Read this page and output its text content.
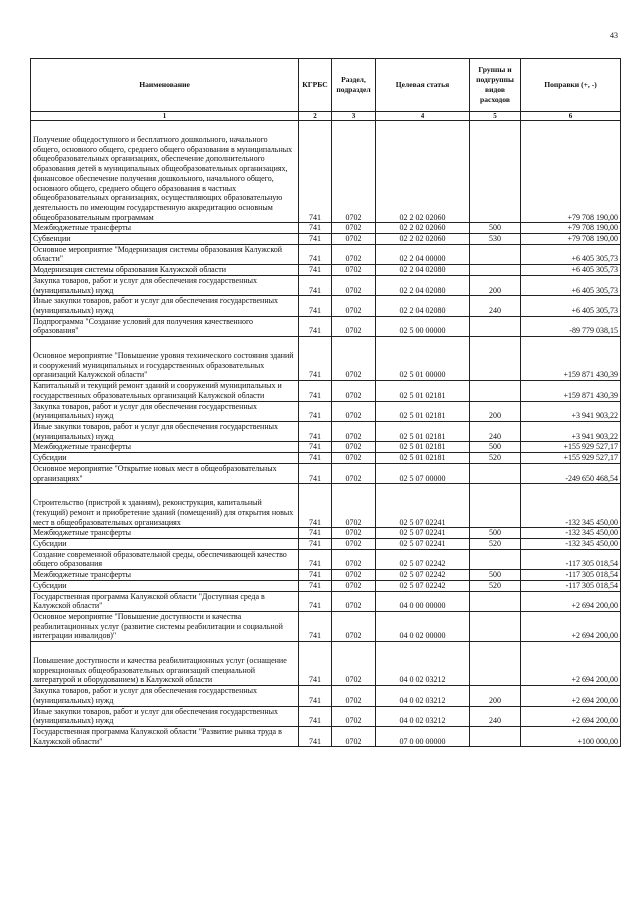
43
Наименование	КГРБС	Раздел, подраздел	Целевая статья	Группы и подгруппы видов расходов	Поправки (+, -)
1	2	3	4	5	6
Получение общедоступного и бесплатного дошкольного, начального общего, основного общего, среднего общего образования в муниципальных общеобразовательных организациях, обеспечение дополнительного образования детей в муниципальных общеобразовательных организациях, финансовое обеспечение получения дошкольного, начального общего, основного общего, среднего общего образования в частных общеобразовательных организациях, осуществляющих образовательную деятельность по имеющим государственную аккредитацию основным общеобразовательным программам	741	0702	02 2 02 02060		+79 708 190,00
Межбюджетные трансферты	741	0702	02 2 02 02060	500	+79 708 190,00
Субвенции	741	0702	02 2 02 02060	530	+79 708 190,00
Основное мероприятие "Модернизация системы образования Калужской области"	741	0702	02 2 04 00000		+6 405 305,73
Модернизация системы образования Калужской области	741	0702	02 2 04 02080		+6 405 305,73
Закупка товаров, работ и услуг для обеспечения государственных (муниципальных) нужд	741	0702	02 2 04 02080	200	+6 405 305,73
Иные закупки товаров, работ и услуг для обеспечения государственных (муниципальных) нужд	741	0702	02 2 04 02080	240	+6 405 305,73
Подпрограмма "Создание условий для получения качественного образования"	741	0702	02 5 00 00000		-89 779 038,15
Основное мероприятие "Повышение уровня технического состояния зданий и сооружений муниципальных и государственных образовательных организаций Калужской области"	741	0702	02 5 01 00000		+159 871 430,39
Капитальный и текущий ремонт зданий и сооружений муниципальных и государственных образовательных организаций Калужской области	741	0702	02 5 01 02181		+159 871 430,39
Закупка товаров, работ и услуг для обеспечения государственных (муниципальных) нужд	741	0702	02 5 01 02181	200	+3 941 903,22
Иные закупки товаров, работ и услуг для обеспечения государственных (муниципальных) нужд	741	0702	02 5 01 02181	240	+3 941 903,22
Межбюджетные трансферты	741	0702	02 5 01 02181	500	+155 929 527,17
Субсидии	741	0702	02 5 01 02181	520	+155 929 527,17
Основное мероприятие "Открытие новых мест в общеобразовательных организациях"	741	0702	02 5 07 00000		-249 650 468,54
Строительство (пристрой к зданиям), реконструкция, капитальный (текущий) ремонт и приобретение зданий (помещений) для открытия новых мест в общеобразовательных организациях	741	0702	02 5 07 02241		-132 345 450,00
Межбюджетные трансферты	741	0702	02 5 07 02241	500	-132 345 450,00
Субсидии	741	0702	02 5 07 02241	520	-132 345 450,00
Создание современной образовательной среды, обеспечивающей качество общего образования	741	0702	02 5 07 02242		-117 305 018,54
Межбюджетные трансферты	741	0702	02 5 07 02242	500	-117 305 018,54
Субсидии	741	0702	02 5 07 02242	520	-117 305 018,54
Государственная программа Калужской области "Доступная среда в Калужской области"	741	0702	04 0 00 00000		+2 694 200,00
Основное мероприятие "Повышение доступности и качества реабилитационных услуг (развитие системы реабилитации и социальной интеграции инвалидов)"	741	0702	04 0 02 00000		+2 694 200,00
Повышение доступности и качества реабилитационных услуг (оснащение коррекционных общеобразовательных организаций специальной литературой и оборудованием) в Калужской области	741	0702	04 0 02 03212		+2 694 200,00
Закупка товаров, работ и услуг для обеспечения государственных (муниципальных) нужд	741	0702	04 0 02 03212	200	+2 694 200,00
Иные закупки товаров, работ и услуг для обеспечения государственных (муниципальных) нужд	741	0702	04 0 02 03212	240	+2 694 200,00
Государственная программа Калужской области "Развитие рынка труда в Калужской области"	741	0702	07 0 00 00000		+100 000,00
